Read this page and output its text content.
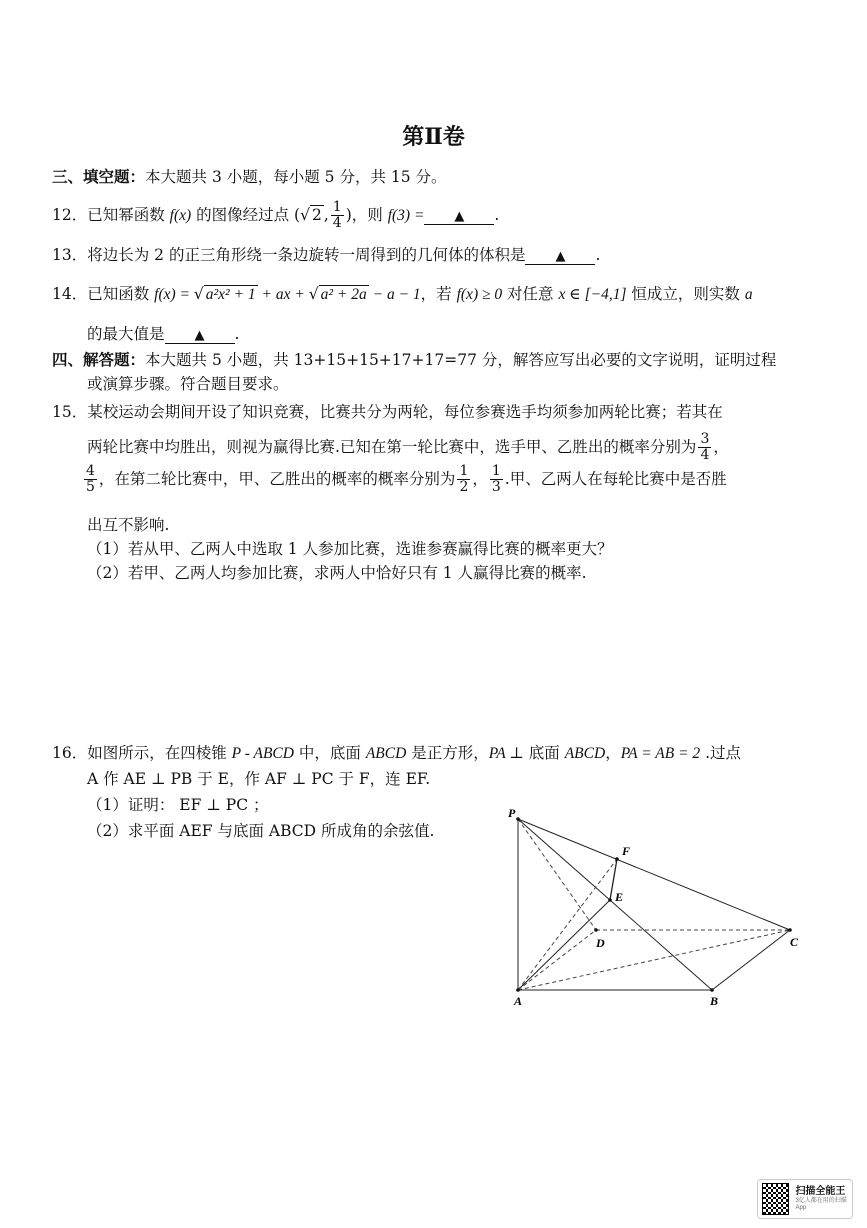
第Ⅱ卷
三、填空题：本大题共 3 小题，每小题 5 分，共 15 分。
12．已知幂函数 f(x) 的图像经过点 (√ 2 , $\frac{1}{4}$ )，则 f(3) = ▲ .
13．将边长为 2 的正三角形绕一条边旋转一周得到的几何体的体积是 ▲ .
14．已知函数 f(x) = √ a²x² + 1 + ax + √ a² + 2a − a − 1，若 f(x) ≥ 0 对任意 x ∈ [−4,1] 恒成立，则实数 a
的最大值是 ▲ .
四、解答题：本大题共 5 小题，共 13+15+15+17+17=77 分，解答应写出必要的文字说明，证明过程
或演算步骤。符合题目要求。
15．某校运动会期间开设了知识竞赛，比赛共分为两轮，每位参赛选手均须参加两轮比赛；若其在
两轮比赛中均胜出，则视为赢得比赛.已知在第一轮比赛中，选手甲、乙胜出的概率分别为 $\frac{3}{4}$ ，
$\frac{4}{5}$ ，在第二轮比赛中，甲、乙胜出的概率的概率分别为 $\frac{1}{2}$ ， $\frac{1}{3}$ .甲、乙两人在每轮比赛中是否胜
出互不影响.
（1）若从甲、乙两人中选取 1 人参加比赛，选谁参赛赢得比赛的概率更大？
（2）若甲、乙两人均参加比赛，求两人中恰好只有 1 人赢得比赛的概率.
16．如图所示，在四棱锥 P - ABCD 中，底面 ABCD 是正方形，PA ⊥ 底面 ABCD，PA = AB = 2 .过点
A 作 AE ⊥ PB 于 E，作 AF ⊥ PC 于 F，连 EF.
（1）证明： EF ⊥ PC ；
（2）求平面 AEF 与底面 ABCD 所成角的余弦值.
P
F
E
D	C
A	B
扫描全能王
3亿人都在用的扫描App
